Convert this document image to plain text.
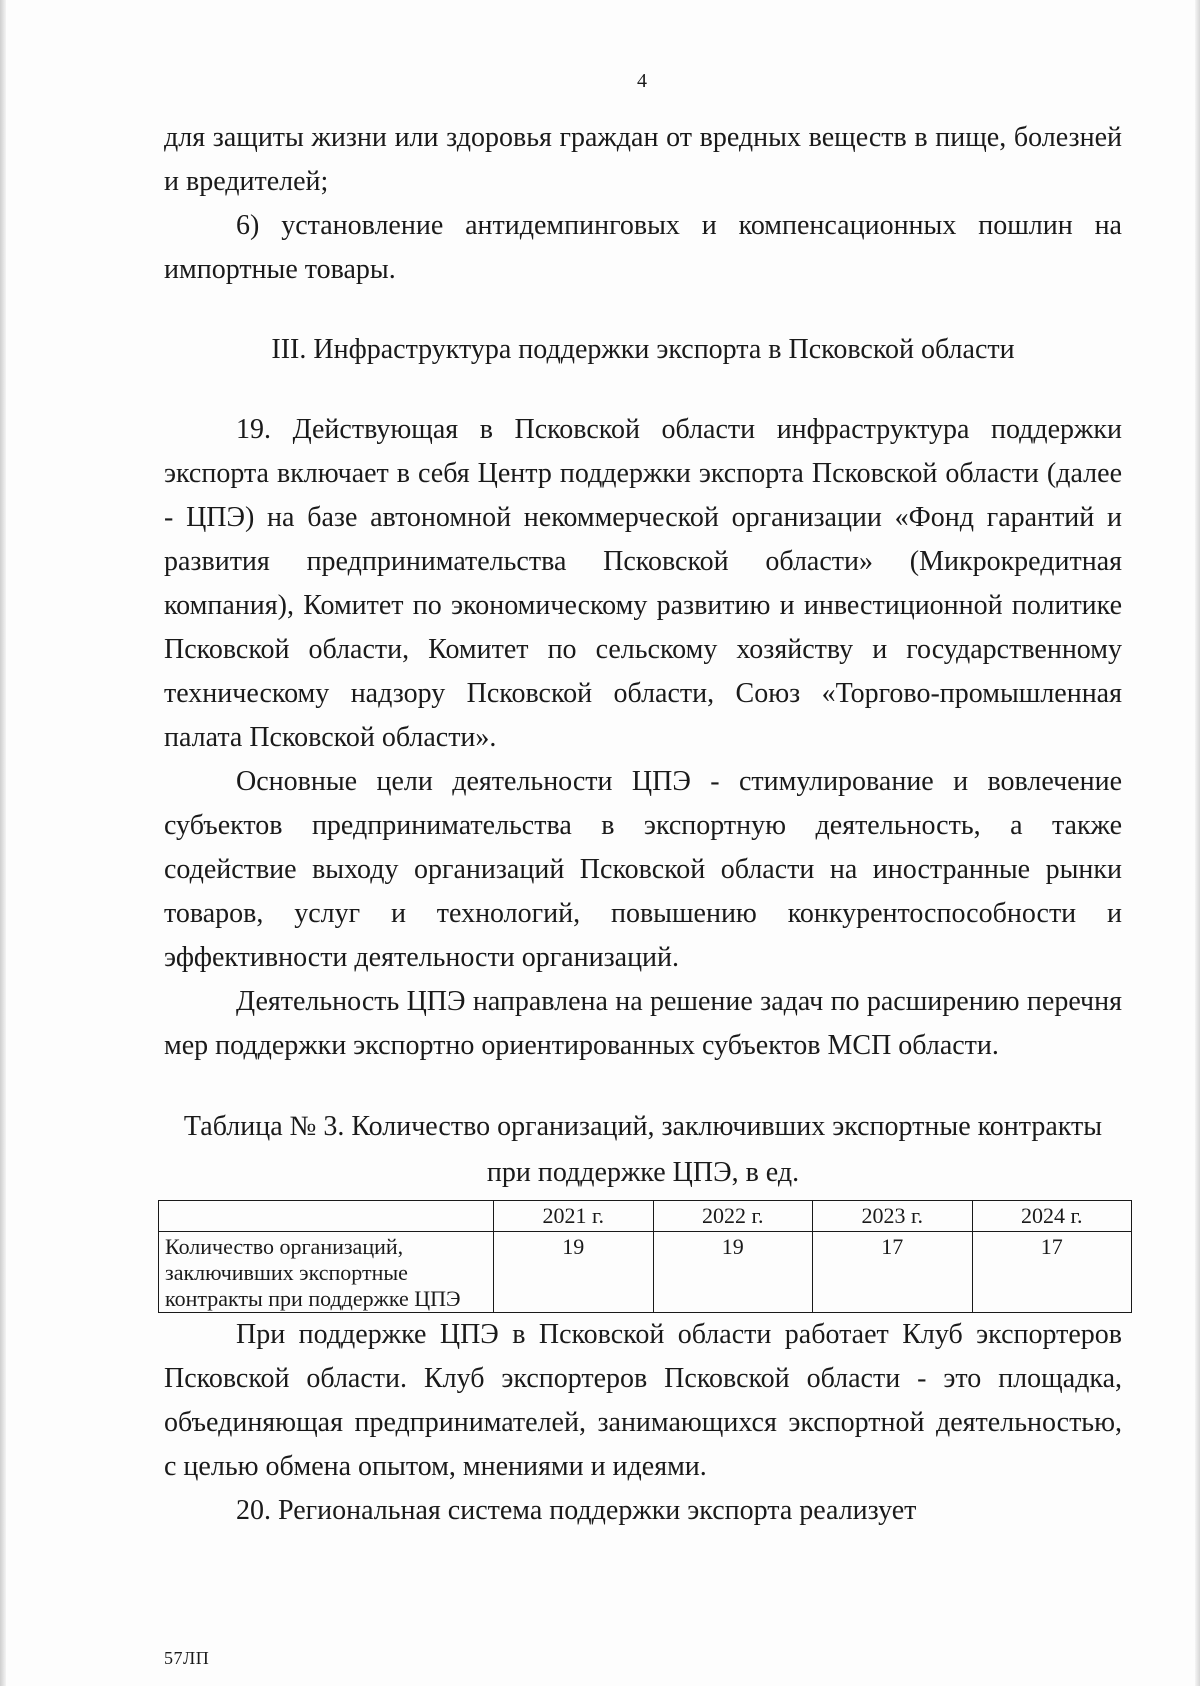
4

для защиты жизни или здоровья граждан от вредных веществ в пище, болезней и вредителей;

6) установление антидемпинговых и компенсационных пошлин на импортные товары.

III. Инфраструктура поддержки экспорта в Псковской области

19. Действующая в Псковской области инфраструктура поддержки экспорта включает в себя Центр поддержки экспорта Псковской области (далее - ЦПЭ) на базе автономной некоммерческой организации «Фонд гарантий и развития предпринимательства Псковской области» (Микрокредитная компания), Комитет по экономическому развитию и инвестиционной политике Псковской области, Комитет по сельскому хозяйству и государственному техническому надзору Псковской области, Союз «Торгово-промышленная палата Псковской области».

Основные цели деятельности ЦПЭ - стимулирование и вовлечение субъектов предпринимательства в экспортную деятельность, а также содействие выходу организаций Псковской области на иностранные рынки товаров, услуг и технологий, повышению конкурентоспособности и эффективности деятельности организаций.

Деятельность ЦПЭ направлена на решение задач по расширению перечня мер поддержки экспортно ориентированных субъектов МСП области.

Таблица № 3. Количество организаций, заключивших экспортные контракты при поддержке ЦПЭ, в ед.

	2021 г.	2022 г.	2023 г.	2024 г.
Количество организаций, заключивших экспортные контракты при поддержке ЦПЭ	19	19	17	17

При поддержке ЦПЭ в Псковской области работает Клуб экспортеров Псковской области. Клуб экспортеров Псковской области - это площадка, объединяющая предпринимателей, занимающихся экспортной деятельностью, с целью обмена опытом, мнениями и идеями.

20. Региональная система поддержки экспорта реализует

57ЛП
